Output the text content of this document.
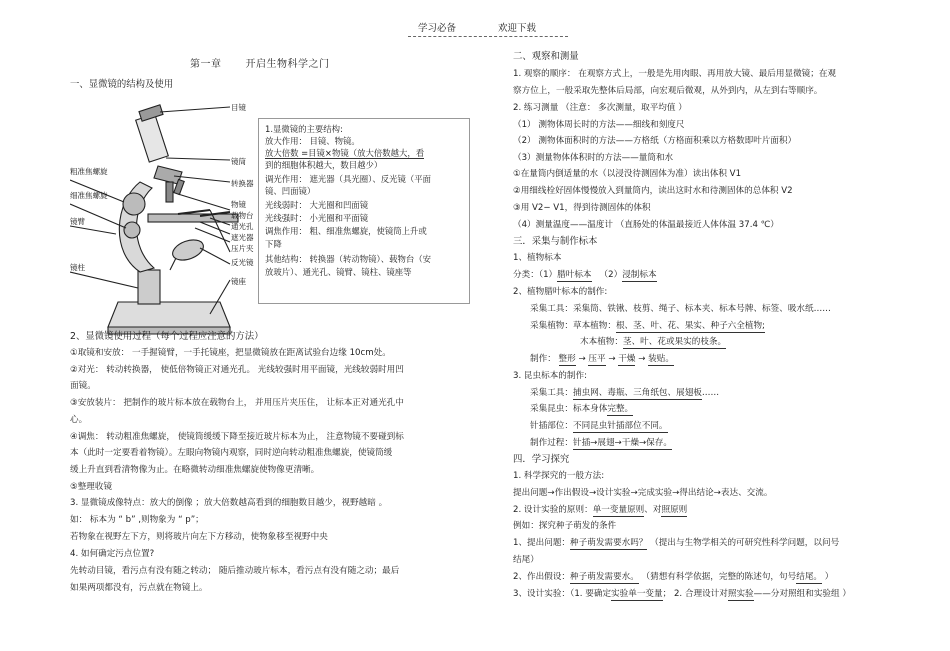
学习必备	欢迎下载
第一章 开启生物科学之门
一、显微镜的结构及使用
目镜
镜筒
转换器
物镜
载物台
通光孔
遮光器
压片夹
反光镜
镜座
粗准焦螺旋
细准焦螺旋
镜臂
镜柱
1.显微镜的主要结构:
放大作用： 目镜、物镜。
放大倍数 =目镜×物镜（放大倍数越大，看
到的细胞体积越大，数目越少）
调光作用： 遮光器（具光圈）、反光镜（平面
镜、凹面镜）
光线弱时： 大光圈和凹面镜
光线强时： 小光圈和平面镜
调焦作用： 粗、细准焦螺旋，使镜筒上升或
下降
其他结构： 转换器（转动物镜）、载物台（安
放玻片）、通光孔、镜臂、镜柱、镜座等
2、显微镜使用过程（每个过程应注意的方法）
①取镜和安放： 一手握镜臂，一手托镜座，把显微镜放在距离试验台边缘 10cm处。
②对光： 转动转换器， 使低倍物镜正对通光孔。 光线较强时用平面镜，光线较弱时用凹
面镜。
③安放装片： 把制作的玻片标本放在载物台上， 并用压片夹压住， 让标本正对通光孔中
心。
④调焦： 转动粗准焦螺旋， 使镜筒缓缓下降至接近玻片标本为止， 注意物镜不要碰到标
本（此时一定要看着物镜）。左眼向物镜内观察，同时逆向转动粗准焦螺旋，使镜筒缓
缓上升直到看清物像为止。在略微转动细准焦螺旋使物像更清晰。
⑤整理收镜
3. 显微镜成像特点：放大的倒像 ；放大倍数越高看到的细胞数目越少，视野越暗 。
如： 标本为 “ b” ,则物象为 “ p”；
若物象在视野左下方，则将玻片向左下方移动，使物象移至视野中央
4. 如何确定污点位置?
先转动目镜，看污点有没有随之转动； 随后推动玻片标本，看污点有没有随之动；最后
如果两项都没有，污点就在物镜上。
二、观察和测量
1. 观察的顺序： 在观察方式上，一般是先用肉眼、再用放大镜、最后用显微镜；在观
察方位上，一般采取先整体后局部，向宏观后微观，从外到内，从左到右等顺序。
2. 练习测量 （注意： 多次测量，取平均值 ）
（1） 测物体周长时的方法——细线和刻度尺
（2） 测物体面积时的方法——方格纸（方格面积乘以方格数即叶片面积）
（3）测量物体体积时的方法——量筒和水
①在量筒内倒适量的水（以浸没待测固体为准）读出体积 V1
②用细线栓好固体慢慢放入到量筒内，读出这时水和待测固体的总体积 V2
③用 V2− V1，得到待测固体的体积
（4）测量温度——温度计 （直肠处的体温最接近人体体温 37.4 ℃）
三．采集与制作标本
1、植物标本
分类：（1）腊叶标本 （2）浸制标本
2、植物腊叶标本的制作:
采集工具：采集筒、铁锹、枝剪、绳子、标本夹、标本号牌、标签、吸水纸……
采集植物：草本植物：根、茎、叶、花、果实、种子六全植物;
木本植物：茎、叶、花或果实的枝条。
制作： 整形 → 压平 → 干燥 → 装贴。
3. 昆虫标本的制作:
采集工具：捕虫网、毒瓶、三角纸包、展翅板……
采集昆虫：标本身体完整。
针插部位：不同昆虫针插部位不同。
制作过程：针插→展翅→干燥→保存。
四．学习探究
1. 科学探究的一般方法:
提出问题→作出假设→设计实验→完成实验→得出结论→表达、交流。
2. 设计实验的原则：单一变量原则、对照原则
例如：探究种子萌发的条件
1、提出问题：种子萌发需要水吗？ （提出与生物学相关的可研究性科学问题，以问号
结尾）
2、作出假设：种子萌发需要水。 （猜想有科学依据，完整的陈述句，句号结尾。 ）
3、设计实验：（1. 要确定实验单一变量； 2. 合理设计对照实验——分对照组和实验组 ）
